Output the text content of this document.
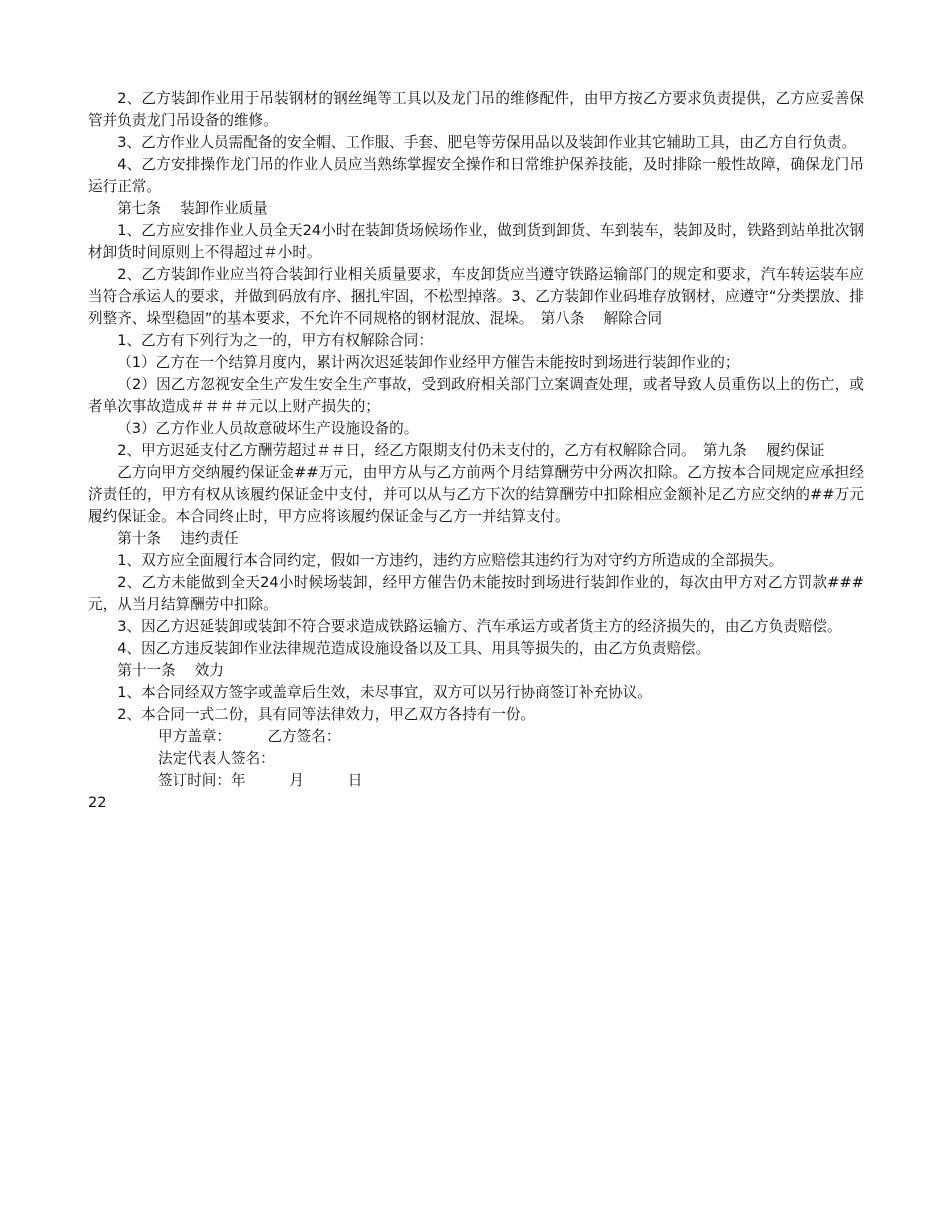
2、乙方装卸作业用于吊装钢材的钢丝绳等工具以及龙门吊的维修配件，由甲方按乙方要求负责提供，乙方应妥善保管并负责龙门吊设备的维修。

3、乙方作业人员需配备的安全帽、工作服、手套、肥皂等劳保用品以及装卸作业其它辅助工具，由乙方自行负责。

4、乙方安排操作龙门吊的作业人员应当熟练掌握安全操作和日常维护保养技能，及时排除一般性故障，确保龙门吊运行正常。

第七条　 装卸作业质量

1、乙方应安排作业人员全天24小时在装卸货场候场作业，做到货到卸货、车到装车，装卸及时，铁路到站单批次钢材卸货时间原则上不得超过＃小时。

2、乙方装卸作业应当符合装卸行业相关质量要求，车皮卸货应当遵守铁路运输部门的规定和要求，汽车转运装车应当符合承运人的要求，并做到码放有序、捆扎牢固，不松型掉落。3、乙方装卸作业码堆存放钢材，应遵守“分类摆放、排列整齐、垛型稳固”的基本要求，不允许不同规格的钢材混放、混垛。　第八条　 解除合同

1、乙方有下列行为之一的，甲方有权解除合同：

（1）乙方在一个结算月度内，累计两次迟延装卸作业经甲方催告未能按时到场进行装卸作业的；

（2）因乙方忽视安全生产发生安全生产事故，受到政府相关部门立案调查处理，或者导致人员重伤以上的伤亡，或者单次事故造成＃＃＃＃元以上财产损失的；

（3）乙方作业人员故意破坏生产设施设备的。

2、甲方迟延支付乙方酬劳超过＃＃日，经乙方限期支付仍未支付的，乙方有权解除合同。　第九条　 履约保证

乙方向甲方交纳履约保证金##万元，由甲方从与乙方前两个月结算酬劳中分两次扣除。乙方按本合同规定应承担经济责任的，甲方有权从该履约保证金中支付，并可以从与乙方下次的结算酬劳中扣除相应金额补足乙方应交纳的##万元履约保证金。本合同终止时，甲方应将该履约保证金与乙方一并结算支付。

第十条　 违约责任

1、双方应全面履行本合同约定，假如一方违约，违约方应赔偿其违约行为对守约方所造成的全部损失。

2、乙方未能做到全天24小时候场装卸，经甲方催告仍未能按时到场进行装卸作业的，每次由甲方对乙方罚款###元，从当月结算酬劳中扣除。

3、因乙方迟延装卸或装卸不符合要求造成铁路运输方、汽车承运方或者货主方的经济损失的，由乙方负责赔偿。

4、因乙方违反装卸作业法律规范造成设施设备以及工具、用具等损失的，由乙方负责赔偿。

第十一条　 效力

1、本合同经双方签字或盖章后生效，未尽事宜，双方可以另行协商签订补充协议。

2、本合同一式二份，具有同等法律效力，甲乙双方各持有一份。

甲方盖章：　　　乙方签名：

法定代表人签名：

签订时间：年　　　月　　　日

22
